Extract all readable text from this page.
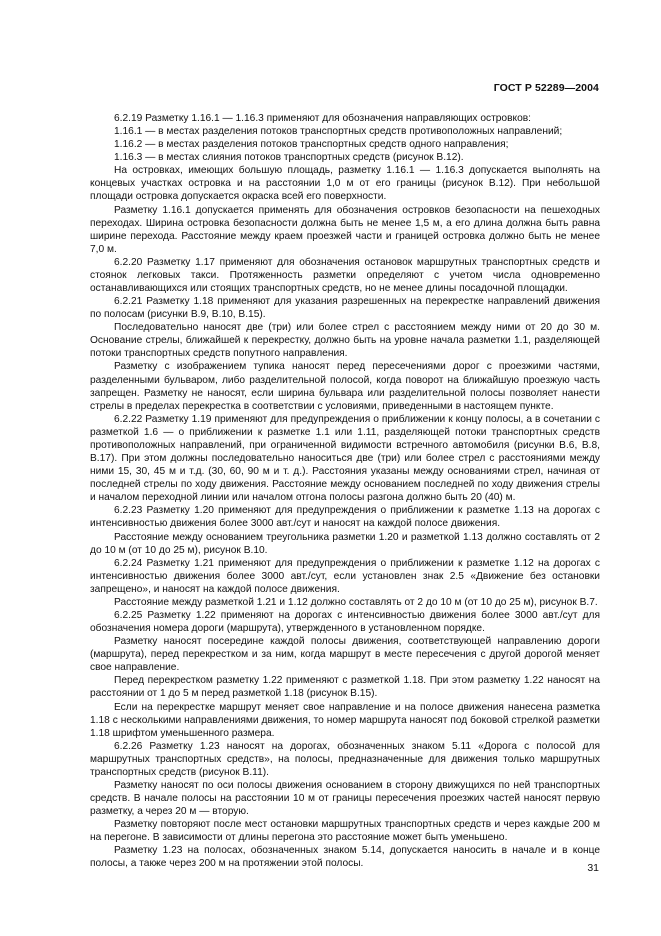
ГОСТ Р 52289—2004

6.2.19 Разметку 1.16.1 — 1.16.3 применяют для обозначения направляющих островков:

1.16.1 — в местах разделения потоков транспортных средств противоположных направлений;

1.16.2 — в местах разделения потоков транспортных средств одного направления;

1.16.3 — в местах слияния потоков транспортных средств (рисунок В.12).

На островках, имеющих большую площадь, разметку 1.16.1 — 1.16.3 допускается выполнять на концевых участках островка и на расстоянии 1,0 м от его границы (рисунок В.12). При небольшой площади островка допускается окраска всей его поверхности.

Разметку 1.16.1 допускается применять для обозначения островков безопасности на пешеходных переходах. Ширина островка безопасности должна быть не менее 1,5 м, а его длина должна быть равна ширине перехода. Расстояние между краем проезжей части и границей островка должно быть не менее 7,0 м.

6.2.20 Разметку 1.17 применяют для обозначения остановок маршрутных транспортных средств и стоянок легковых такси. Протяженность разметки определяют с учетом числа одновременно останавливающихся или стоящих транспортных средств, но не менее длины посадочной площадки.

6.2.21 Разметку 1.18 применяют для указания разрешенных на перекрестке направлений движения по полосам (рисунки В.9, В.10, В.15).

Последовательно наносят две (три) или более стрел с расстоянием между ними от 20 до 30 м. Основание стрелы, ближайшей к перекрестку, должно быть на уровне начала разметки 1.1, разделяющей потоки транспортных средств попутного направления.

Разметку с изображением тупика наносят перед пересечениями дорог с проезжими частями, разделенными бульваром, либо разделительной полосой, когда поворот на ближайшую проезжую часть запрещен. Разметку не наносят, если ширина бульвара или разделительной полосы позволяет нанести стрелы в пределах перекрестка в соответствии с условиями, приведенными в настоящем пункте.

6.2.22 Разметку 1.19 применяют для предупреждения о приближении к концу полосы, а в сочетании с разметкой 1.6 — о приближении к разметке 1.1 или 1.11, разделяющей потоки транспортных средств противоположных направлений, при ограниченной видимости встречного автомобиля (рисунки В.6, В.8, В.17). При этом должны последовательно наноситься две (три) или более стрел с расстояниями между ними 15, 30, 45 м и т.д. (30, 60, 90 м и т. д.). Расстояния указаны между основаниями стрел, начиная от последней стрелы по ходу движения. Расстояние между основанием последней по ходу движения стрелы и началом переходной линии или началом отгона полосы разгона должно быть 20 (40) м.

6.2.23 Разметку 1.20 применяют для предупреждения о приближении к разметке 1.13 на дорогах с интенсивностью движения более 3000 авт./сут и наносят на каждой полосе движения.

Расстояние между основанием треугольника разметки 1.20 и разметкой 1.13 должно составлять от 2 до 10 м (от 10 до 25 м), рисунок В.10.

6.2.24 Разметку 1.21 применяют для предупреждения о приближении к разметке 1.12 на дорогах с интенсивностью движения более 3000 авт./сут, если установлен знак 2.5 «Движение без остановки запрещено», и наносят на каждой полосе движения.

Расстояние между разметкой 1.21 и 1.12 должно составлять от 2 до 10 м (от 10 до 25 м), рисунок В.7.

6.2.25 Разметку 1.22 применяют на дорогах с интенсивностью движения более 3000 авт./сут для обозначения номера дороги (маршрута), утвержденного в установленном порядке.

Разметку наносят посередине каждой полосы движения, соответствующей направлению дороги (маршрута), перед перекрестком и за ним, когда маршрут в месте пересечения с другой дорогой меняет свое направление.

Перед перекрестком разметку 1.22 применяют с разметкой 1.18. При этом разметку 1.22 наносят на расстоянии от 1 до 5 м перед разметкой 1.18 (рисунок В.15).

Если на перекрестке маршрут меняет свое направление и на полосе движения нанесена разметка 1.18 с несколькими направлениями движения, то номер маршрута наносят под боковой стрелкой разметки 1.18 шрифтом уменьшенного размера.

6.2.26 Разметку 1.23 наносят на дорогах, обозначенных знаком 5.11 «Дорога с полосой для маршрутных транспортных средств», на полосы, предназначенные для движения только маршрутных транспортных средств (рисунок В.11).

Разметку наносят по оси полосы движения основанием в сторону движущихся по ней транспортных средств. В начале полосы на расстоянии 10 м от границы пересечения проезжих частей наносят первую разметку, а через 20 м — вторую.

Разметку повторяют после мест остановки маршрутных транспортных средств и через каждые 200 м на перегоне. В зависимости от длины перегона это расстояние может быть уменьшено.

Разметку 1.23 на полосах, обозначенных знаком 5.14, допускается наносить в начале и в конце полосы, а также через 200 м на протяжении этой полосы.	31
